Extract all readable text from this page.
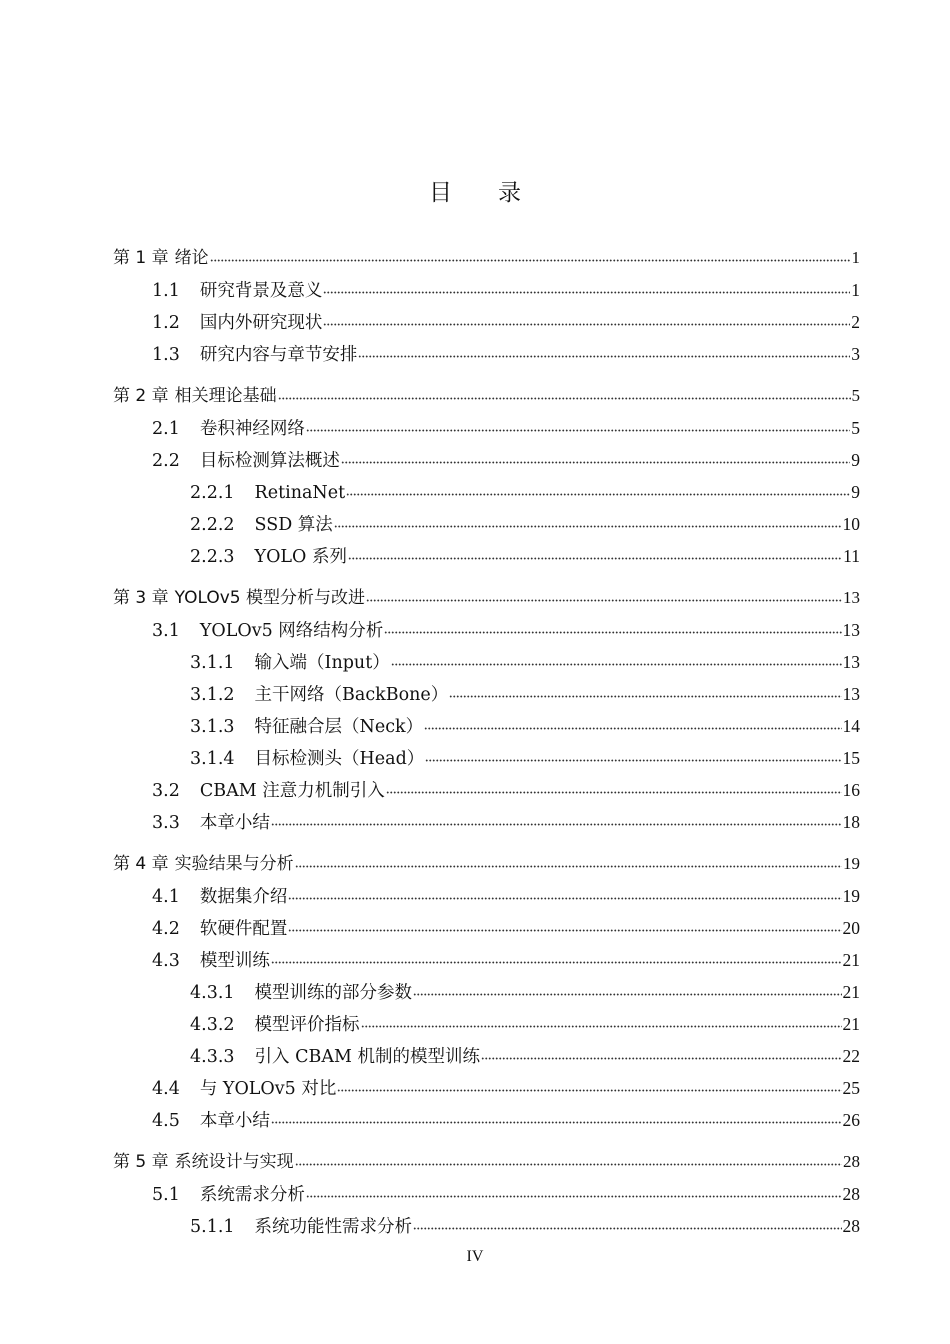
目　　录
第 1 章 绪论	1
1.1 研究背景及意义	1
1.2 国内外研究现状	2
1.3 研究内容与章节安排	3
第 2 章 相关理论基础	5
2.1 卷积神经网络	5
2.2 目标检测算法概述	9
2.2.1 RetinaNet	9
2.2.2 SSD 算法	10
2.2.3 YOLO 系列	11
第 3 章 YOLOv5 模型分析与改进	13
3.1 YOLOv5 网络结构分析	13
3.1.1 输入端（Input）	13
3.1.2 主干网络（BackBone）	13
3.1.3 特征融合层（Neck）	14
3.1.4 目标检测头（Head）	15
3.2 CBAM 注意力机制引入	16
3.3 本章小结	18
第 4 章 实验结果与分析	19
4.1 数据集介绍	19
4.2 软硬件配置	20
4.3 模型训练	21
4.3.1 模型训练的部分参数	21
4.3.2 模型评价指标	21
4.3.3 引入 CBAM 机制的模型训练	22
4.4 与 YOLOv5 对比	25
4.5 本章小结	26
第 5 章 系统设计与实现	28
5.1 系统需求分析	28
5.1.1 系统功能性需求分析	28
IV
